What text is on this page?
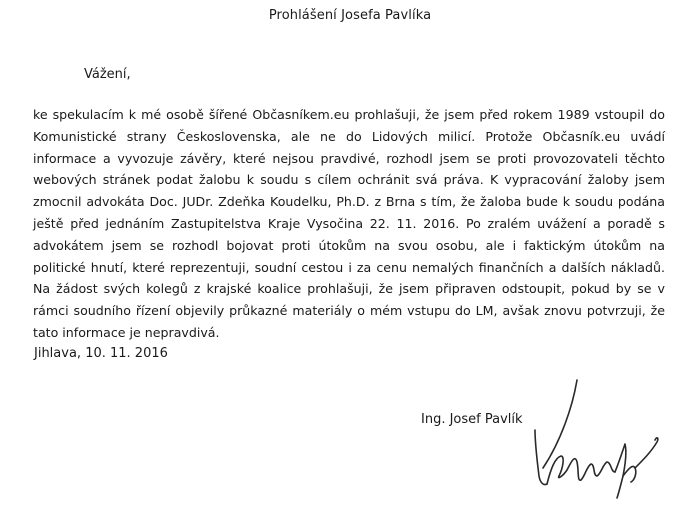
Prohlášení Josefa Pavlíka
Vážení,

ke spekulacím k mé osobě šířené Občasníkem.eu prohlašuji, že jsem před rokem 1989 vstoupil do Komunistické strany Československa, ale ne do Lidových milicí. Protože Občasník.eu uvádí informace a vyvozuje závěry, které nejsou pravdivé, rozhodl jsem se proti provozovateli těchto webových stránek podat žalobu k soudu s cílem ochránit svá práva. K vypracování žaloby jsem zmocnil advokáta Doc. JUDr. Zdeňka Koudelku, Ph.D. z Brna s tím, že žaloba bude k soudu podána ještě před jednáním Zastupitelstva Kraje Vysočina 22. 11. 2016. Po zralém uvážení a poradě s advokátem jsem se rozhodl bojovat proti útokům na svou osobu, ale i faktickým útokům na politické hnutí, které reprezentuji, soudní cestou i za cenu nemalých finančních a dalších nákladů. Na žádost svých kolegů z krajské koalice prohlašuji, že jsem připraven odstoupit, pokud by se v rámci soudního řízení objevily průkazné materiály o mém vstupu do LM, avšak znovu potvrzuji, že tato informace je nepravdivá.

Jihlava, 10. 11. 2016
Ing. Josef Pavlík
